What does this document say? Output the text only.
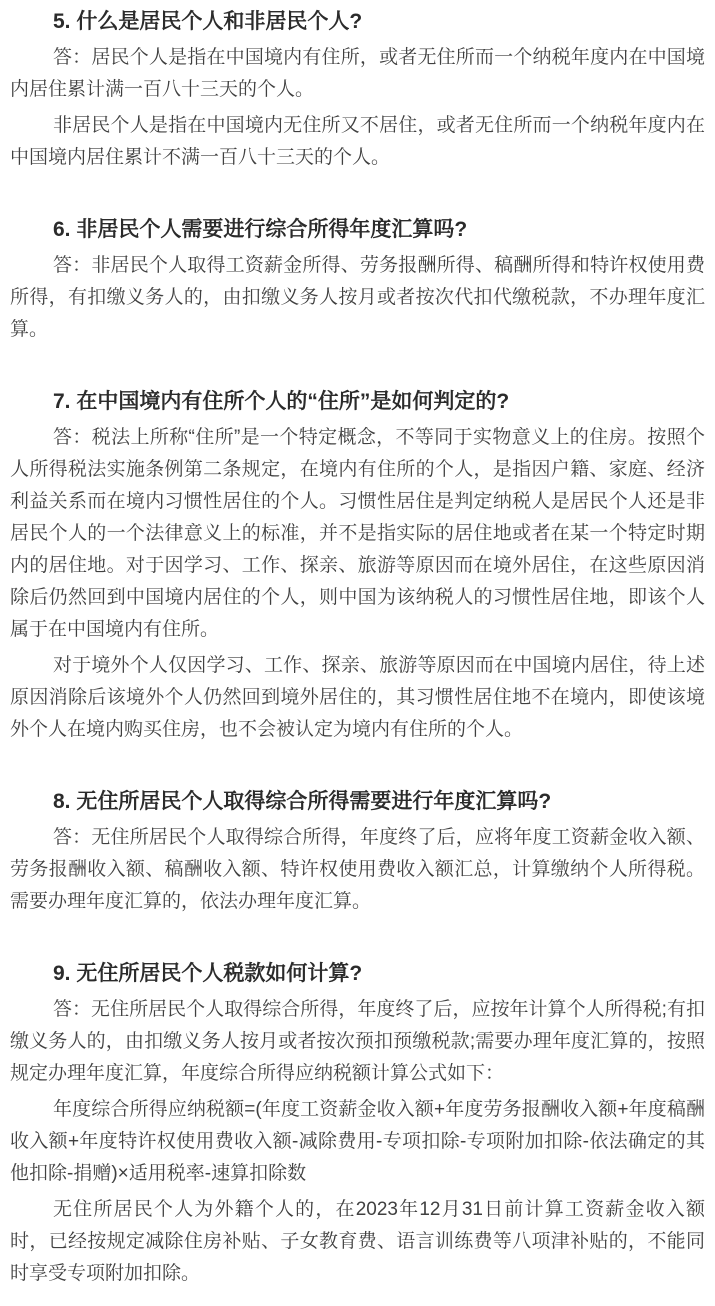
5. 什么是居民个人和非居民个人?

答：居民个人是指在中国境内有住所，或者无住所而一个纳税年度内在中国境内居住累计满一百八十三天的个人。

非居民个人是指在中国境内无住所又不居住，或者无住所而一个纳税年度内在中国境内居住累计不满一百八十三天的个人。

6. 非居民个人需要进行综合所得年度汇算吗?

答：非居民个人取得工资薪金所得、劳务报酬所得、稿酬所得和特许权使用费所得，有扣缴义务人的，由扣缴义务人按月或者按次代扣代缴税款，不办理年度汇算。

7. 在中国境内有住所个人的“住所”是如何判定的?

答：税法上所称“住所”是一个特定概念，不等同于实物意义上的住房。按照个人所得税法实施条例第二条规定，在境内有住所的个人，是指因户籍、家庭、经济利益关系而在境内习惯性居住的个人。习惯性居住是判定纳税人是居民个人还是非居民个人的一个法律意义上的标准，并不是指实际的居住地或者在某一个特定时期内的居住地。对于因学习、工作、探亲、旅游等原因而在境外居住，在这些原因消除后仍然回到中国境内居住的个人，则中国为该纳税人的习惯性居住地，即该个人属于在中国境内有住所。

对于境外个人仅因学习、工作、探亲、旅游等原因而在中国境内居住，待上述原因消除后该境外个人仍然回到境外居住的，其习惯性居住地不在境内，即使该境外个人在境内购买住房，也不会被认定为境内有住所的个人。

8. 无住所居民个人取得综合所得需要进行年度汇算吗?

答：无住所居民个人取得综合所得，年度终了后，应将年度工资薪金收入额、劳务报酬收入额、稿酬收入额、特许权使用费收入额汇总，计算缴纳个人所得税。需要办理年度汇算的，依法办理年度汇算。

9. 无住所居民个人税款如何计算?

答：无住所居民个人取得综合所得，年度终了后，应按年计算个人所得税;有扣缴义务人的，由扣缴义务人按月或者按次预扣预缴税款;需要办理年度汇算的，按照规定办理年度汇算，年度综合所得应纳税额计算公式如下：

年度综合所得应纳税额=(年度工资薪金收入额+年度劳务报酬收入额+年度稿酬收入额+年度特许权使用费收入额-减除费用-专项扣除-专项附加扣除-依法确定的其他扣除-捐赠)×适用税率-速算扣除数

无住所居民个人为外籍个人的，在2023年12月31日前计算工资薪金收入额时，已经按规定减除住房补贴、子女教育费、语言训练费等八项津补贴的，不能同时享受专项附加扣除。
